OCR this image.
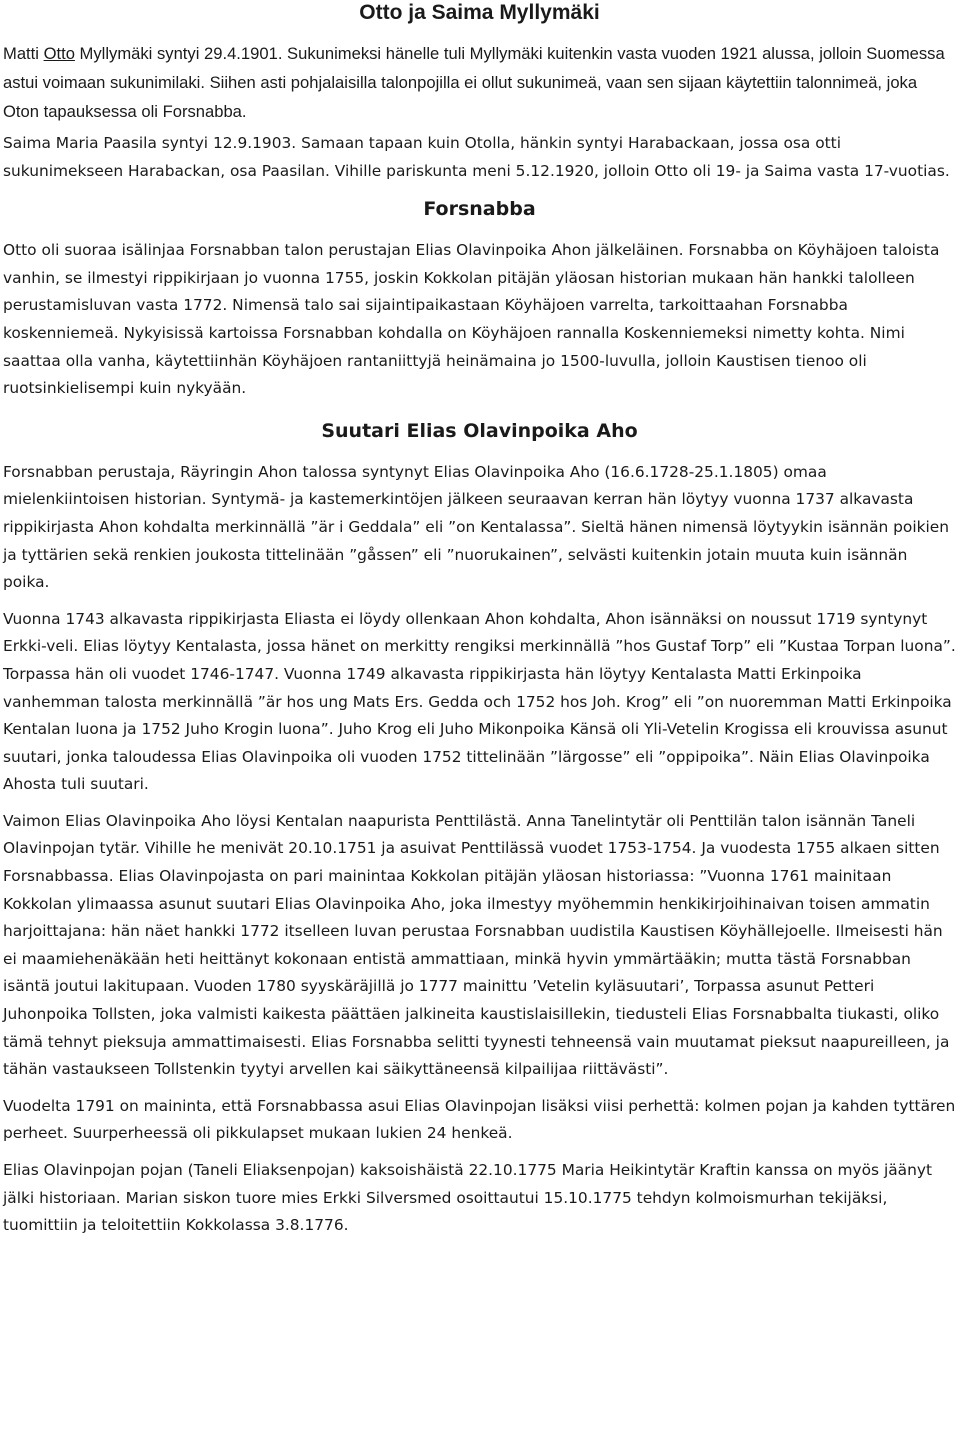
Otto ja Saima Myllymäki

Matti Otto Myllymäki syntyi 29.4.1901. Sukunimeksi hänelle tuli Myllymäki kuitenkin vasta vuoden 1921 alussa, jolloin Suomessa astui voimaan sukunimilaki. Siihen asti pohjalaisilla talonpojilla ei ollut sukunimeä, vaan sen sijaan käytettiin talonnimeä, joka Oton tapauksessa oli Forsnabba.

Saima Maria Paasila syntyi 12.9.1903. Samaan tapaan kuin Otolla, hänkin syntyi Harabackaan, jossa osa otti sukunimekseen Harabackan, osa Paasilan. Vihille pariskunta meni 5.12.1920, jolloin Otto oli 19- ja Saima vasta 17-vuotias.

Forsnabba

Otto oli suoraa isälinjaa Forsnabban talon perustajan Elias Olavinpoika Ahon jälkeläinen. Forsnabba on Köyhäjoen taloista vanhin, se ilmestyi rippikirjaan jo vuonna 1755, joskin Kokkolan pitäjän yläosan historian mukaan hän hankki talolleen perustamisluvan vasta 1772. Nimensä talo sai sijaintipaikastaan Köyhäjoen varrelta, tarkoittaahan Forsnabba koskenniemeä. Nykyisissä kartoissa Forsnabban kohdalla on Köyhäjoen rannalla Koskenniemeksi nimetty kohta. Nimi saattaa olla vanha, käytettiinhän Köyhäjoen rantaniittyjä heinämaina jo 1500-luvulla, jolloin Kaustisen tienoo oli ruotsinkielisempi kuin nykyään.

Suutari Elias Olavinpoika Aho

Forsnabban perustaja, Räyringin Ahon talossa syntynyt Elias Olavinpoika Aho (16.6.1728-25.1.1805) omaa mielenkiintoisen historian. Syntymä- ja kastemerkintöjen jälkeen seuraavan kerran hän löytyy vuonna 1737 alkavasta rippikirjasta Ahon kohdalta merkinnällä ”är i Geddala” eli ”on Kentalassa”. Sieltä hänen nimensä löytyykin isännän poikien ja tyttärien sekä renkien joukosta tittelinään ”gåssen” eli ”nuorukainen”, selvästi kuitenkin jotain muuta kuin isännän poika.

Vuonna 1743 alkavasta rippikirjasta Eliasta ei löydy ollenkaan Ahon kohdalta, Ahon isännäksi on noussut 1719 syntynyt Erkki-veli. Elias löytyy Kentalasta, jossa hänet on merkitty rengiksi merkinnällä ”hos Gustaf Torp” eli ”Kustaa Torpan luona”. Torpassa hän oli vuodet 1746-1747. Vuonna 1749 alkavasta rippikirjasta hän löytyy Kentalasta Matti Erkinpoika vanhemman talosta merkinnällä ”är hos ung Mats Ers. Gedda och 1752 hos Joh. Krog” eli ”on nuoremman Matti Erkinpoika Kentalan luona ja 1752 Juho Krogin luona”. Juho Krog eli Juho Mikonpoika Känsä oli Yli-Vetelin Krogissa eli krouvissa asunut suutari, jonka taloudessa Elias Olavinpoika oli vuoden 1752 tittelinään ”lärgosse” eli ”oppipoika”. Näin Elias Olavinpoika Ahosta tuli suutari.

Vaimon Elias Olavinpoika Aho löysi Kentalan naapurista Penttilästä. Anna Tanelintytär oli Penttilän talon isännän Taneli Olavinpojan tytär. Vihille he menivät 20.10.1751 ja asuivat Penttilässä vuodet 1753-1754. Ja vuodesta 1755 alkaen sitten Forsnabbassa. Elias Olavinpojasta on pari mainintaa Kokkolan pitäjän yläosan historiassa: ”Vuonna 1761 mainitaan Kokkolan ylimaassa asunut suutari Elias Olavinpoika Aho, joka ilmestyy myöhemmin henkikirjoihinaivan toisen ammatin harjoittajana: hän näet hankki 1772 itselleen luvan perustaa Forsnabban uudistila Kaustisen Köyhällejoelle. Ilmeisesti hän ei maamiehenäkään heti heittänyt kokonaan entistä ammattiaan, minkä hyvin ymmärtääkin; mutta tästä Forsnabban isäntä joutui lakitupaan. Vuoden 1780 syyskäräjillä jo 1777 mainittu ’Vetelin kyläsuutari’, Torpassa asunut Petteri Juhonpoika Tollsten, joka valmisti kaikesta päättäen jalkineita kaustislaisillekin, tiedusteli Elias Forsnabbalta tiukasti, oliko tämä tehnyt pieksuja ammattimaisesti. Elias Forsnabba selitti tyynesti tehneensä vain muutamat pieksut naapureilleen, ja tähän vastaukseen Tollstenkin tyytyi arvellen kai säikyttäneensä kilpailijaa riittävästi”.

Vuodelta 1791 on maininta, että Forsnabbassa asui Elias Olavinpojan lisäksi viisi perhettä: kolmen pojan ja kahden tyttären perheet. Suurperheessä oli pikkulapset mukaan lukien 24 henkeä.

Elias Olavinpojan pojan (Taneli Eliaksenpojan) kaksoishäistä 22.10.1775 Maria Heikintytär Kraftin kanssa on myös jäänyt jälki historiaan. Marian siskon tuore mies Erkki Silversmed osoittautui 15.10.1775 tehdyn kolmoismurhan tekijäksi, tuomittiin ja teloitettiin Kokkolassa 3.8.1776.
